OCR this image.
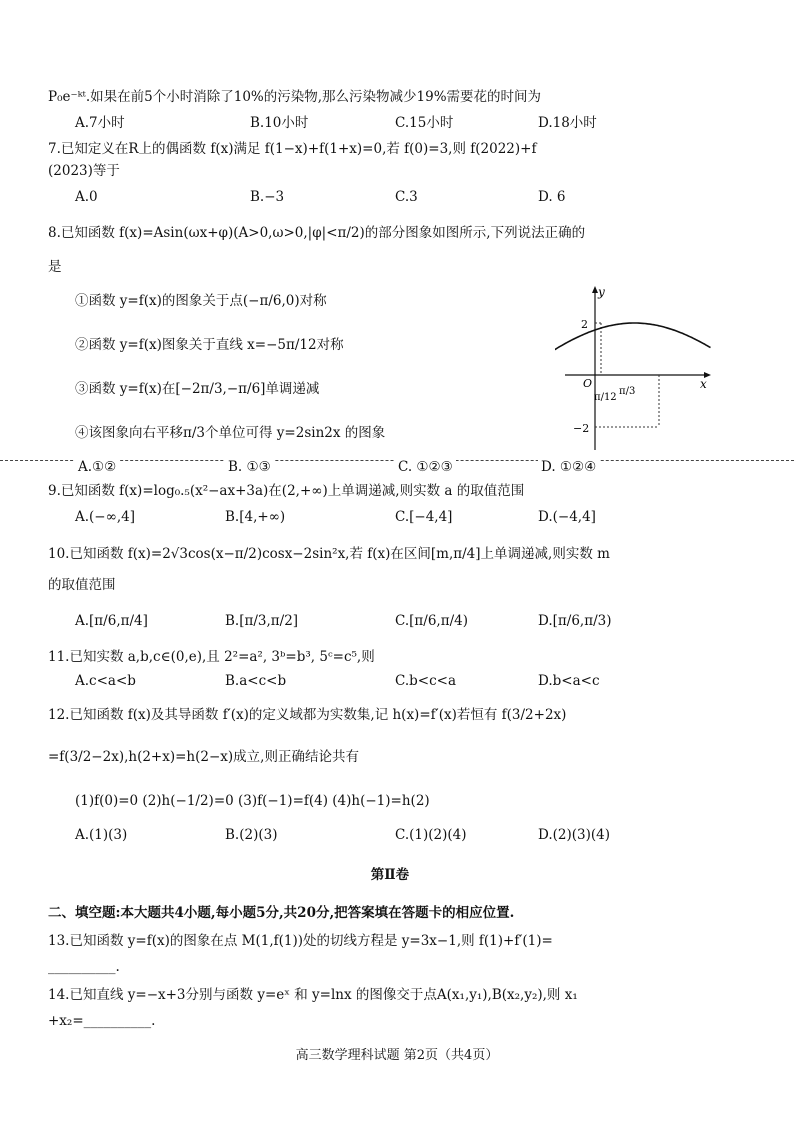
P₀e⁻ᵏᵗ.如果在前5个小时消除了10%的污染物,那么污染物减少19%需要花的时间为
A.7小时	B.10小时	C.15小时	D.18小时
7.已知定义在R上的偶函数 f(x)满足 f(1−x)+f(1+x)=0,若 f(0)=3,则 f(2022)+f
(2023)等于
A.0	B.−3	C.3	D. 6
8.已知函数 f(x)=Asin(ωx+φ)(A>0,ω>0,|φ|<π/2)的部分图象如图所示,下列说法正确的
是
①函数 y=f(x)的图象关于点(−π/6,0)对称
②函数 y=f(x)图象关于直线 x=−5π/12对称
③函数 y=f(x)在[−2π/3,−π/6]单调递减
④该图象向右平移π/3个单位可得 y=2sin2x 的图象
y
x
O
2
−2
π/12
π/3
A.①②	B. ①③	C. ①②③	D. ①②④
9.已知函数 f(x)=log₀.₅(x²−ax+3a)在(2,+∞)上单调递减,则实数 a 的取值范围
A.(−∞,4]	B.[4,+∞)	C.[−4,4]	D.(−4,4]
10.已知函数 f(x)=2√3cos(x−π/2)cosx−2sin²x,若 f(x)在区间[m,π/4]上单调递减,则实数 m
的取值范围
A.[π/6,π/4]	B.[π/3,π/2]	C.[π/6,π/4)	D.[π/6,π/3)
11.已知实数 a,b,c∈(0,e),且 2²=a², 3ᵇ=b³, 5ᶜ=c⁵,则
A.c<a<b	B.a<c<b	C.b<c<a	D.b<a<c
12.已知函数 f(x)及其导函数 f′(x)的定义域都为实数集,记 h(x)=f′(x)若恒有 f(3/2+2x)
=f(3/2−2x),h(2+x)=h(2−x)成立,则正确结论共有
(1)f(0)=0 (2)h(−1/2)=0 (3)f(−1)=f(4) (4)h(−1)=h(2)
A.(1)(3)	B.(2)(3)	C.(1)(2)(4)	D.(2)(3)(4)
第Ⅱ卷
二、填空题:本大题共4小题,每小题5分,共20分,把答案填在答题卡的相应位置.
13.已知函数 y=f(x)的图象在点 M(1,f(1))处的切线方程是 y=3x−1,则 f(1)+f′(1)=
__________.
14.已知直线 y=−x+3分别与函数 y=eˣ 和 y=lnx 的图像交于点A(x₁,y₁),B(x₂,y₂),则 x₁
+x₂=__________.
高三数学理科试题 第2页（共4页）
